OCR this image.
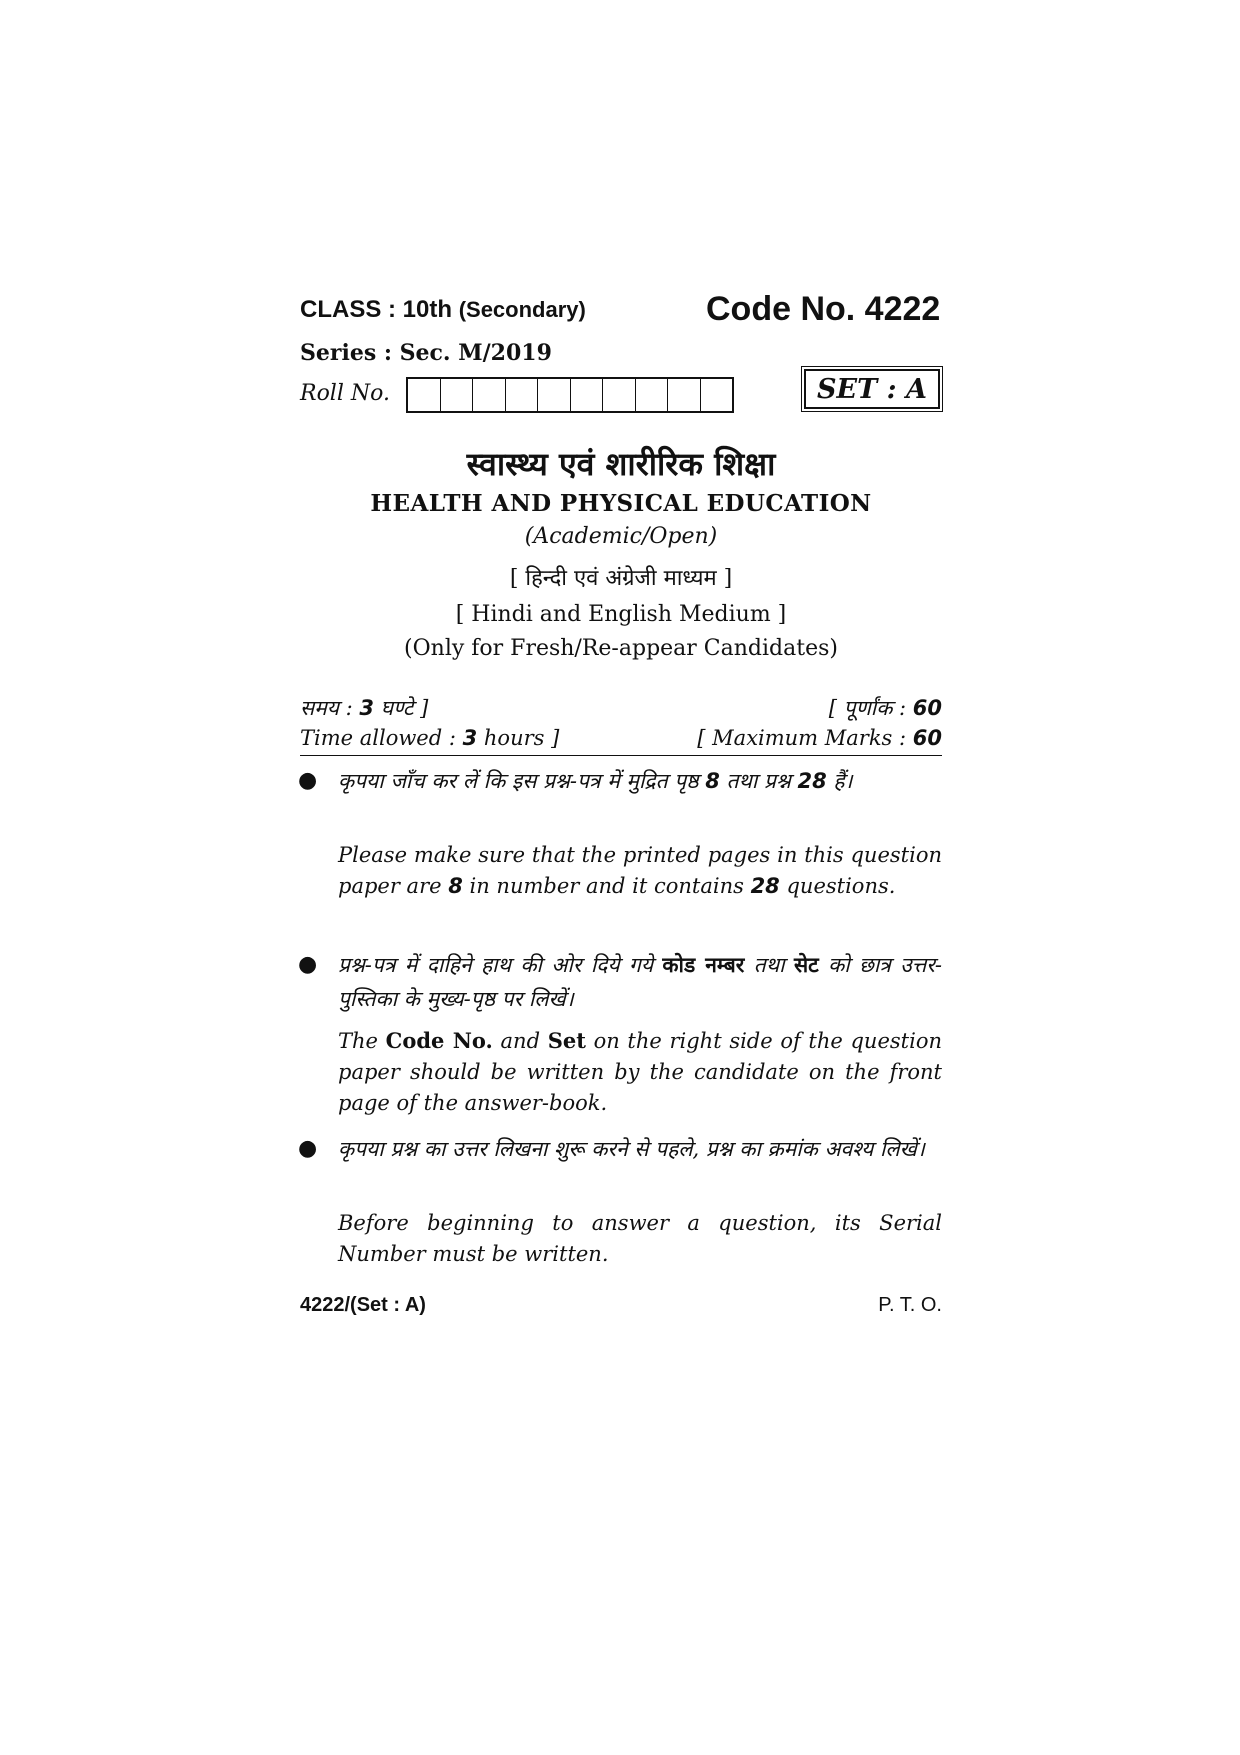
CLASS : 10th (Secondary)	Code No. 4222
Series : Sec. M/2019
Roll No.	SET : A
स्वास्थ्य एवं शारीरिक शिक्षा
HEALTH AND PHYSICAL EDUCATION
(Academic/Open)
[ हिन्दी एवं अंग्रेजी माध्यम ]
[ Hindi and English Medium ]
(Only for Fresh/Re-appear Candidates)
समय : 3 घण्टे ]	[ पूर्णांक : 60
Time allowed : 3 hours ]	[ Maximum Marks : 60
● कृपया जाँच कर लें कि इस प्रश्न-पत्र में मुद्रित पृष्ठ 8 तथा प्रश्न 28 हैं।
Please make sure that the printed pages in this question paper are 8 in number and it contains 28 questions.
● प्रश्न-पत्र में दाहिने हाथ की ओर दिये गये कोड नम्बर तथा सेट को छात्र उत्तर-पुस्तिका के मुख्य-पृष्ठ पर लिखें।
The Code No. and Set on the right side of the question paper should be written by the candidate on the front page of the answer-book.
● कृपया प्रश्न का उत्तर लिखना शुरू करने से पहले, प्रश्न का क्रमांक अवश्य लिखें।
Before beginning to answer a question, its Serial Number must be written.
4222/(Set : A)	P. T. O.
